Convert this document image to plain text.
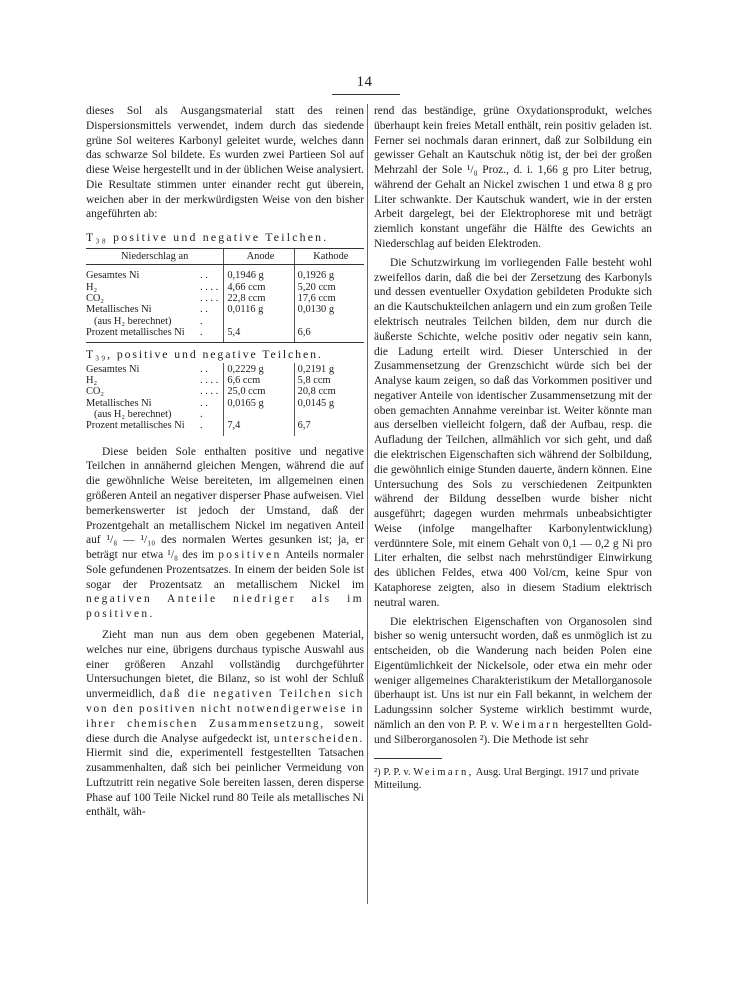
14

dieses Sol als Ausgangsmaterial statt des reinen Dispersionsmittels verwendet, indem durch das siedende grüne Sol weiteres Karbonyl geleitet wurde, welches dann das schwarze Sol bildete. Es wurden zwei Partieen Sol auf diese Weise hergestellt und in der üblichen Weise analysiert. Die Resultate stimmen unter einander recht gut überein, weichen aber in der merkwürdigsten Weise von den bisher angeführten ab:

T₃₈ positive und negative Teilchen.
Niederschlag an		Anode	Kathode
Gesamtes Ni	. .	0,1946 g	0,1926 g
H₂	. . . .	4,66 ccm	5,20 ccm
CO₂	. . . .	22,8 ccm	17,6 ccm
Metallisches Ni	. .	0,0116 g	0,0130 g
(aus H₂ berechnet)	.		
Prozent metallisches Ni	.	5,4	6,6
T₃₉, positive und negative Teilchen.
Gesamtes Ni	. .	0,2229 g	0,2191 g
H₂	. . . .	6,6 ccm	5,8 ccm
CO₂	. . . .	25,0 ccm	20,8 ccm
Metallisches Ni	. .	0,0165 g	0,0145 g
(aus H₂ berechnet)	.		
Prozent metallisches Ni	.	7,4	6,7

Diese beiden Sole enthalten positive und negative Teilchen in annähernd gleichen Mengen, während die auf die gewöhnliche Weise bereiteten, im allgemeinen einen größeren Anteil an negativer disperser Phase aufweisen. Viel bemerkenswerter ist jedoch der Umstand, daß der Prozentgehalt an metallischem Nickel im negativen Anteil auf ¹/₈ — ¹/₁₀ des normalen Wertes gesunken ist; ja, er beträgt nur etwa ¹/₈ des im positiven Anteils normaler Sole gefundenen Prozentsatzes. In einem der beiden Sole ist sogar der Prozentsatz an metallischem Nickel im negativen Anteile niedriger als im positiven.

Zieht man nun aus dem oben gegebenen Material, welches nur eine, übrigens durchaus typische Auswahl aus einer größeren Anzahl vollständig durchgeführter Untersuchungen bietet, die Bilanz, so ist wohl der Schluß unvermeidlich, daß die negativen Teilchen sich von den positiven nicht notwendigerweise in ihrer chemischen Zusammensetzung, soweit diese durch die Analyse aufgedeckt ist, unterscheiden. Hiermit sind die, experimentell festgestellten Tatsachen zusammenhalten, daß sich bei peinlicher Vermeidung von Luftzutritt rein negative Sole bereiten lassen, deren disperse Phase auf 100 Teile Nickel rund 80 Teile als metallisches Ni enthält, wäh-

rend das beständige, grüne Oxydationsprodukt, welches überhaupt kein freies Metall enthält, rein positiv geladen ist. Ferner sei nochmals daran erinnert, daß zur Solbildung ein gewisser Gehalt an Kautschuk nötig ist, der bei der großen Mehrzahl der Sole ¹/₈ Proz., d. i. 1,66 g pro Liter betrug, während der Gehalt an Nickel zwischen 1 und etwa 8 g pro Liter schwankte. Der Kautschuk wandert, wie in der ersten Arbeit dargelegt, bei der Elektrophorese mit und beträgt ziemlich konstant ungefähr die Hälfte des Gewichts an Niederschlag auf beiden Elektroden.

Die Schutzwirkung im vorliegenden Falle besteht wohl zweifellos darin, daß die bei der Zersetzung des Karbonyls und dessen eventueller Oxydation gebildeten Produkte sich an die Kautschukteilchen anlagern und ein zum großen Teile elektrisch neutrales Teilchen bilden, dem nur durch die äußerste Schichte, welche positiv oder negativ sein kann, die Ladung erteilt wird. Dieser Unterschied in der Zusammensetzung der Grenzschicht würde sich bei der Analyse kaum zeigen, so daß das Vorkommen positiver und negativer Anteile von identischer Zusammensetzung mit der oben gemachten Annahme vereinbar ist. Weiter könnte man aus derselben vielleicht folgern, daß der Aufbau, resp. die Aufladung der Teilchen, allmählich vor sich geht, und daß die elektrischen Eigenschaften sich während der Solbildung, die gewöhnlich einige Stunden dauerte, ändern können. Eine Untersuchung des Sols zu verschiedenen Zeitpunkten während der Bildung desselben wurde bisher nicht ausgeführt; dagegen wurden mehrmals unbeabsichtigter Weise (infolge mangelhafter Karbonylentwicklung) verdünntere Sole, mit einem Gehalt von 0,1 — 0,2 g Ni pro Liter erhalten, die selbst nach mehrstündiger Einwirkung des üblichen Feldes, etwa 400 Vol/cm, keine Spur von Kataphorese zeigten, also in diesem Stadium elektrisch neutral waren.

Die elektrischen Eigenschaften von Organosolen sind bisher so wenig untersucht worden, daß es unmöglich ist zu entscheiden, ob die Wanderung nach beiden Polen eine Eigentümlichkeit der Nickelsole, oder etwa ein mehr oder weniger allgemeines Charakteristikum der Metallorganosole überhaupt ist. Uns ist nur ein Fall bekannt, in welchem der Ladungssinn solcher Systeme wirklich bestimmt wurde, nämlich an den von P. P. v. Weimarn hergestellten Gold- und Silberorganosolen ²). Die Methode ist sehr

²) P. P. v. Weimarn, Ausg. Ural Bergingt. 1917 und private Mitteilung.
